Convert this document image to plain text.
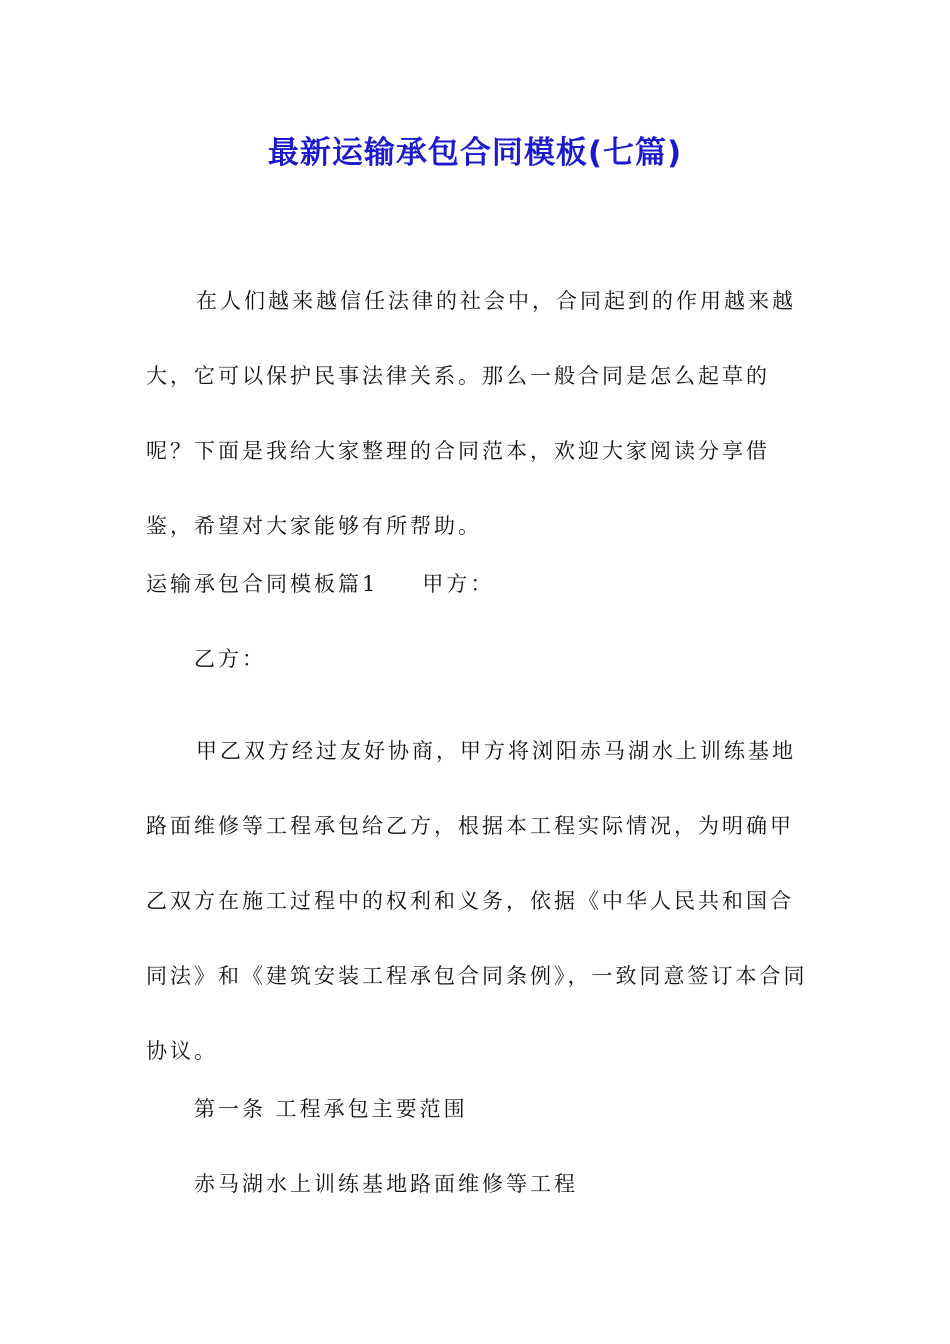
最新运输承包合同模板(七篇)

在人们越来越信任法律的社会中，合同起到的作用越来越大，它可以保护民事法律关系。那么一般合同是怎么起草的呢？下面是我给大家整理的合同范本，欢迎大家阅读分享借鉴，希望对大家能够有所帮助。

运输承包合同模板篇1 甲方：

乙方：

甲乙双方经过友好协商，甲方将浏阳赤马湖水上训练基地路面维修等工程承包给乙方，根据本工程实际情况，为明确甲乙双方在施工过程中的权利和义务，依据《中华人民共和国合同法》和《建筑安装工程承包合同条例》，一致同意签订本合同协议。

第一条 工程承包主要范围

赤马湖水上训练基地路面维修等工程
